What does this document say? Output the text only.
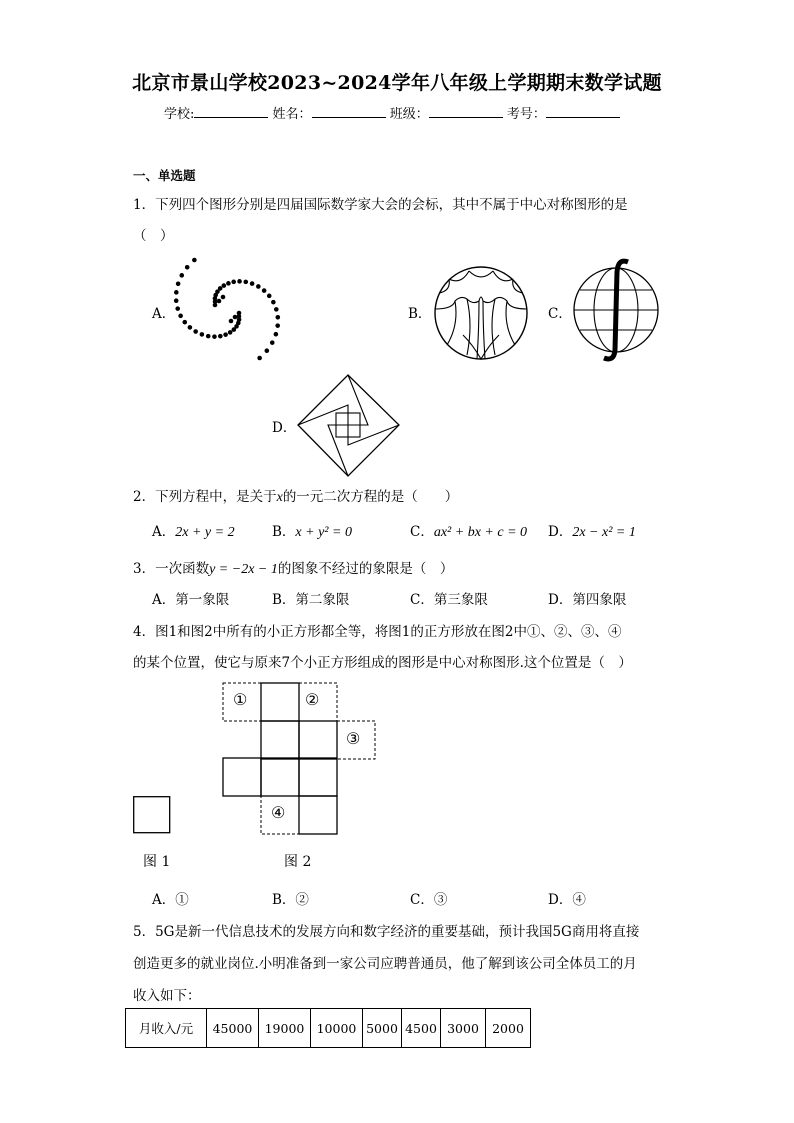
北京市景山学校2023~2024学年八年级上学期期末数学试题
学校:	姓名：	班级：	考号：
一、单选题
1．下列四个图形分别是四届国际数学家大会的会标，其中不属于中心对称图形的是
（　）
A．	B．	C．
D．
2．下列方程中，是关于x的一元二次方程的是（　　）
A．2x + y = 2	B．x + y² = 0	C．ax² + bx + c = 0 D．2x − x² = 1
3．一次函数y = −2x − 1的图象不经过的象限是（　）
A．第一象限	B．第二象限	C．第三象限	D．第四象限
4．图1和图2中所有的小正方形都全等，将图1的正方形放在图2中①、②、③、④
的某个位置，使它与原来7个小正方形组成的图形是中心对称图形.这个位置是（　）
①	②
③
④
图 1	图 2
A．①	B．②	C．③	D．④
5．5G是新一代信息技术的发展方向和数字经济的重要基础，预计我国5G商用将直接
创造更多的就业岗位.小明准备到一家公司应聘普通员，他了解到该公司全体员工的月
收入如下：
月收入/元	45000	19000	10000	5000	4500	3000	2000
